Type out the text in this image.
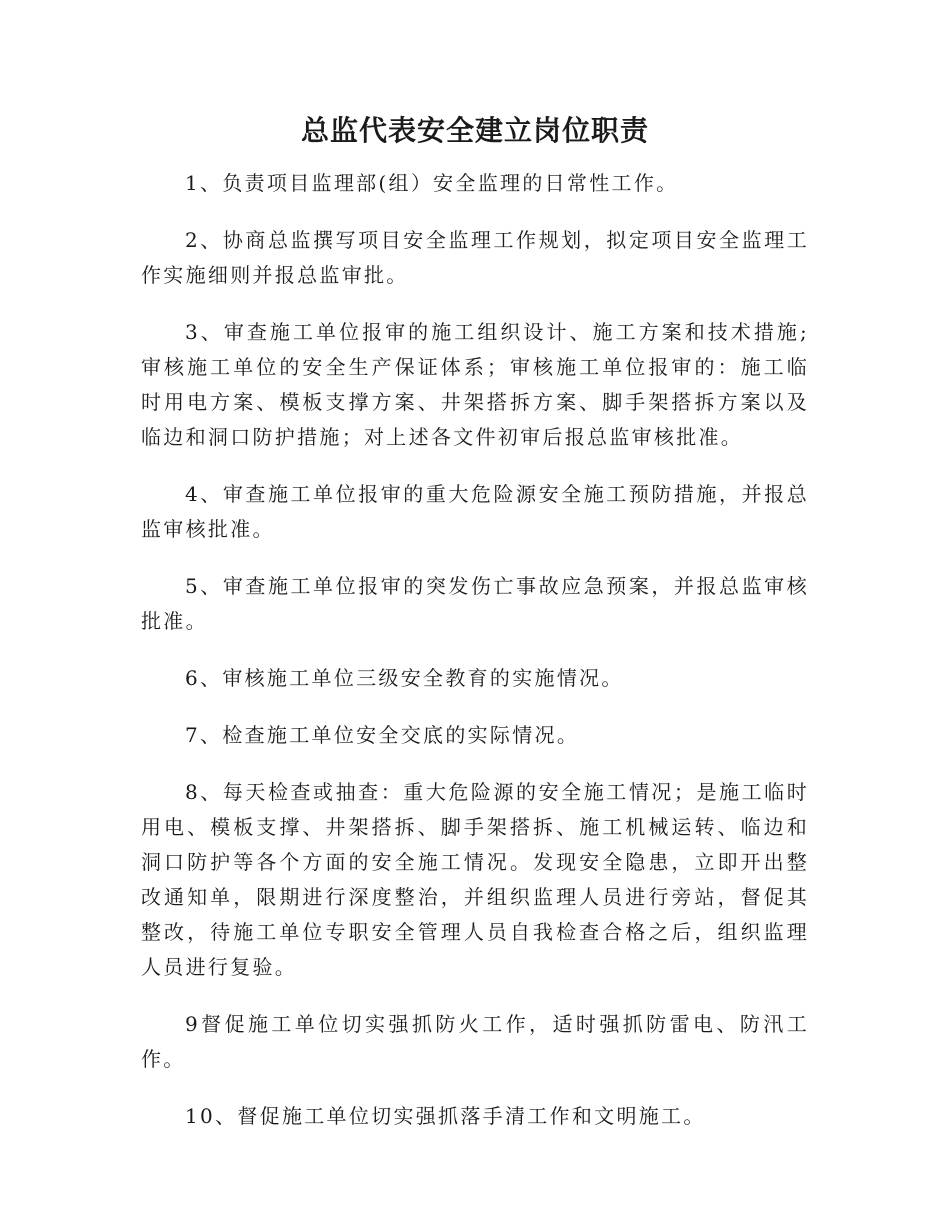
总监代表安全建立岗位职责

1、负责项目监理部(组）安全监理的日常性工作。

2、协商总监撰写项目安全监理工作规划，拟定项目安全监理工作实施细则并报总监审批。

3、审查施工单位报审的施工组织设计、施工方案和技术措施;审核施工单位的安全生产保证体系；审核施工单位报审的：施工临时用电方案、模板支撑方案、井架搭拆方案、脚手架搭拆方案以及临边和洞口防护措施；对上述各文件初审后报总监审核批准。

4、审查施工单位报审的重大危险源安全施工预防措施，并报总监审核批准。

5、审查施工单位报审的突发伤亡事故应急预案，并报总监审核批准。

6、审核施工单位三级安全教育的实施情况。

7、检查施工单位安全交底的实际情况。

8、每天检查或抽查：重大危险源的安全施工情况；是施工临时用电、模板支撑、井架搭拆、脚手架搭拆、施工机械运转、临边和洞口防护等各个方面的安全施工情况。发现安全隐患，立即开出整改通知单，限期进行深度整治，并组织监理人员进行旁站，督促其整改，待施工单位专职安全管理人员自我检查合格之后，组织监理人员进行复验。

9督促施工单位切实强抓防火工作，适时强抓防雷电、防汛工作。

10、督促施工单位切实强抓落手清工作和文明施工。
